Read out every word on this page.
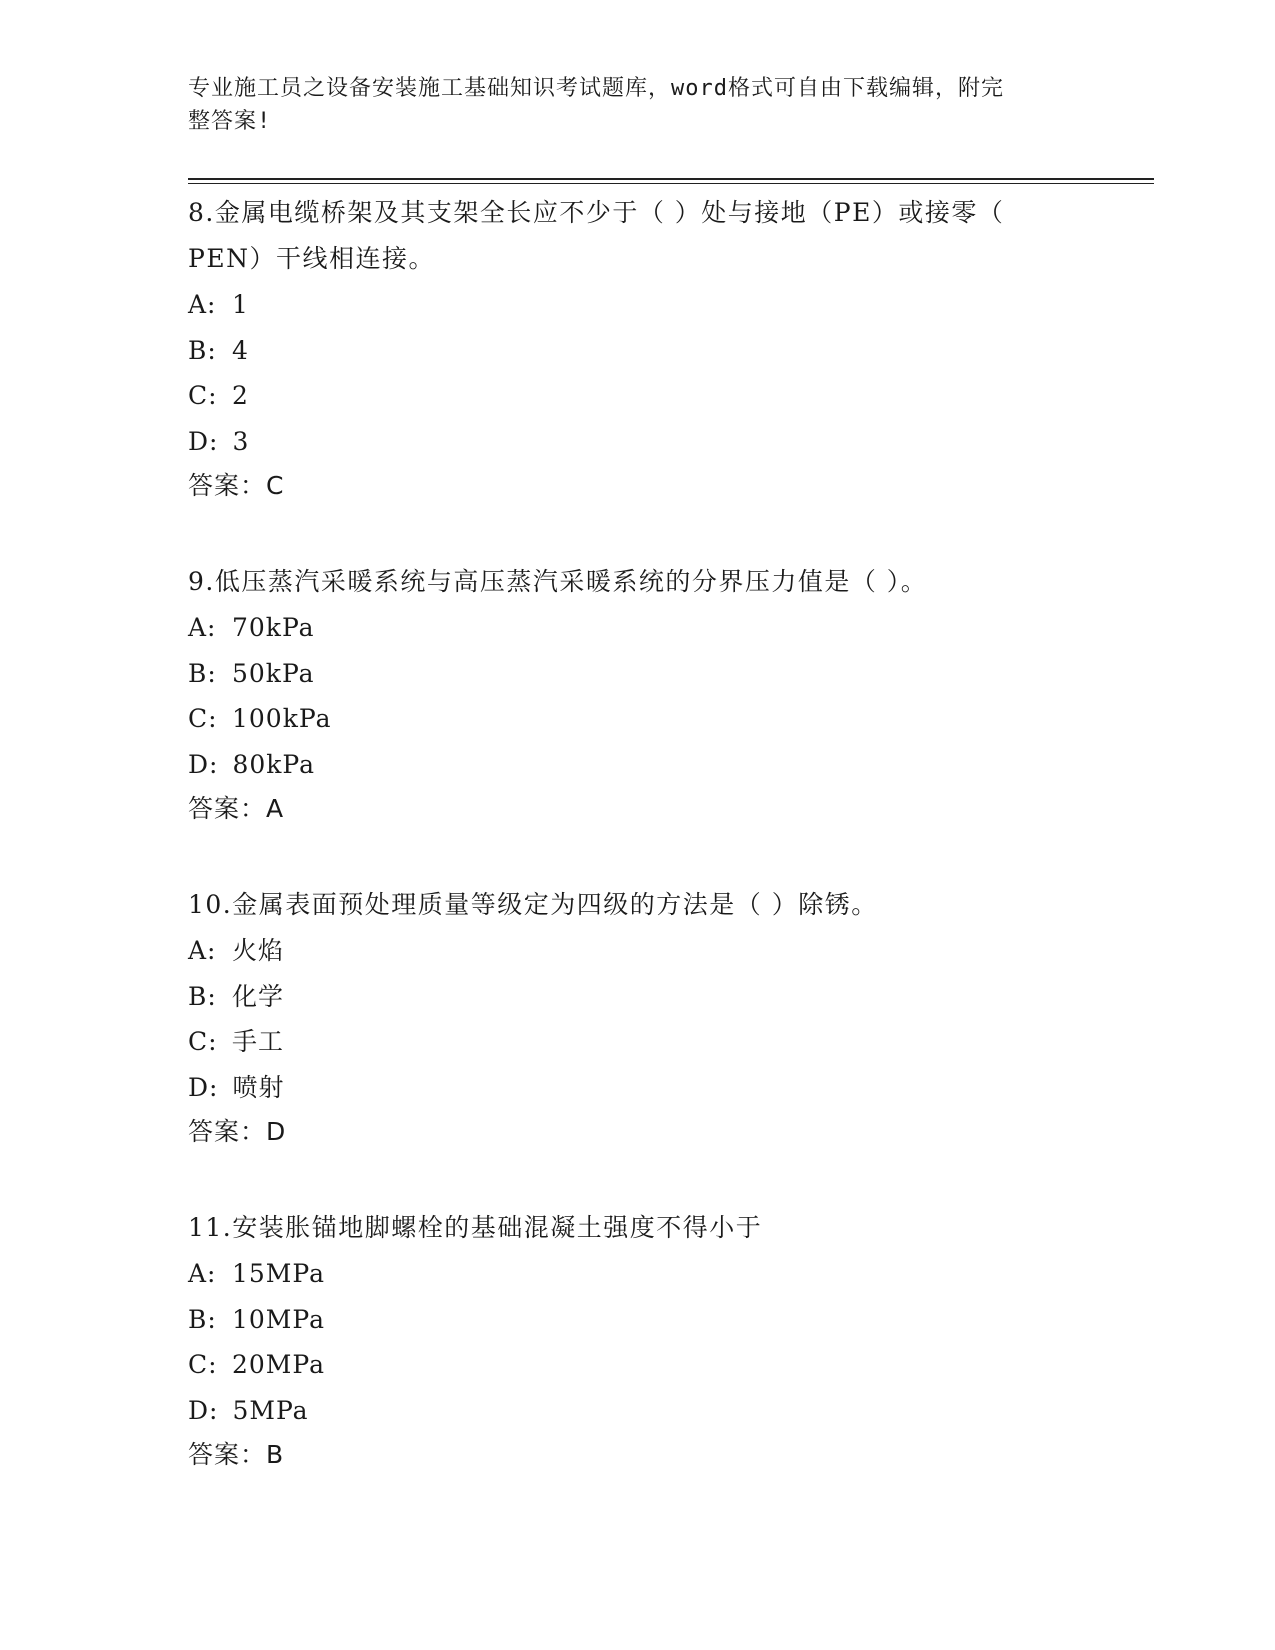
专业施工员之设备安装施工基础知识考试题库，word格式可自由下载编辑，附完
整答案!

8.金属电缆桥架及其支架全长应不少于（ ）处与接地（PE）或接零（

PEN）干线相连接。

A: 1
B: 4
C: 2
D: 3
答案：C

9.低压蒸汽采暖系统与高压蒸汽采暖系统的分界压力值是（ ）。

A: 70kPa
B: 50kPa
C: 100kPa
D: 80kPa
答案：A

10.金属表面预处理质量等级定为四级的方法是（ ）除锈。

A: 火焰
B: 化学
C: 手工
D: 喷射
答案：D

11.安装胀锚地脚螺栓的基础混凝土强度不得小于

A: 15MPa
B: 10MPa
C: 20MPa
D: 5MPa
答案：B
